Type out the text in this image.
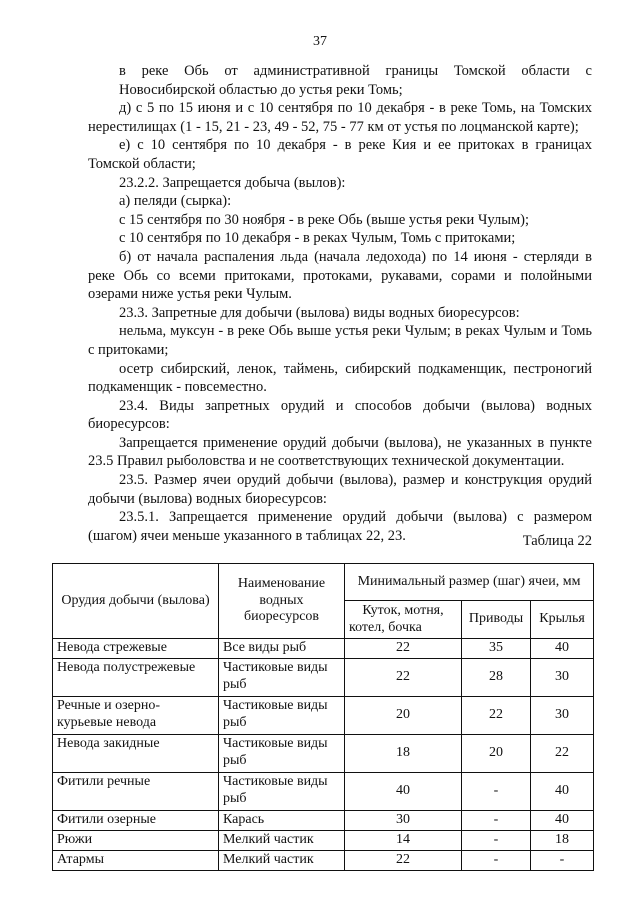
37

в реке Обь от административной границы Томской области с Новосибирской областью до устья реки Томь;

д) с 5 по 15 июня и с 10 сентября по 10 декабря - в реке Томь, на Томских нерестилищах (1 - 15, 21 - 23, 49 - 52, 75 - 77 км от устья по лоцманской карте);

е) с 10 сентября по 10 декабря - в реке Кия и ее притоках в границах Томской области;

23.2.2. Запрещается добыча (вылов):

а) пеляди (сырка):

с 15 сентября по 30 ноября - в реке Обь (выше устья реки Чулым);

с 10 сентября по 10 декабря - в реках Чулым, Томь с притоками;

б) от начала распаления льда (начала ледохода) по 14 июня - стерляди в реке Обь со всеми притоками, протоками, рукавами, сорами и полойными озерами ниже устья реки Чулым.

23.3. Запретные для добычи (вылова) виды водных биоресурсов:

нельма, муксун - в реке Обь выше устья реки Чулым; в реках Чулым и Томь с притоками;

осетр сибирский, ленок, таймень, сибирский подкаменщик, пестроногий подкаменщик - повсеместно.

23.4. Виды запретных орудий и способов добычи (вылова) водных биоресурсов:

Запрещается применение орудий добычи (вылова), не указанных в пункте 23.5 Правил рыболовства и не соответствующих технической документации.

23.5. Размер ячеи орудий добычи (вылова), размер и конструкция орудий добычи (вылова) водных биоресурсов:

23.5.1. Запрещается применение орудий добычи (вылова) с размером (шагом) ячеи меньше указанного в таблицах 22, 23.	Таблица 22
Орудия добычи (вылова)	Наименование водных биоресурсов	Минимальный размер (шаг) ячеи, мм		
		Куток, мотня, котел, бочка	Приводы	Крылья
Невода стрежевые	Все виды рыб	22	35	40
Невода полустрежевые	Частиковые виды рыб	22	28	30
Речные и озерно-курьевые невода	Частиковые виды рыб	20	22	30
Невода закидные	Частиковые виды рыб	18	20	22
Фитили речные	Частиковые виды рыб	40	-	40
Фитили озерные	Карась	30	-	40
Рюжи	Мелкий частик	14	-	18
Атармы	Мелкий частик	22	-	-
